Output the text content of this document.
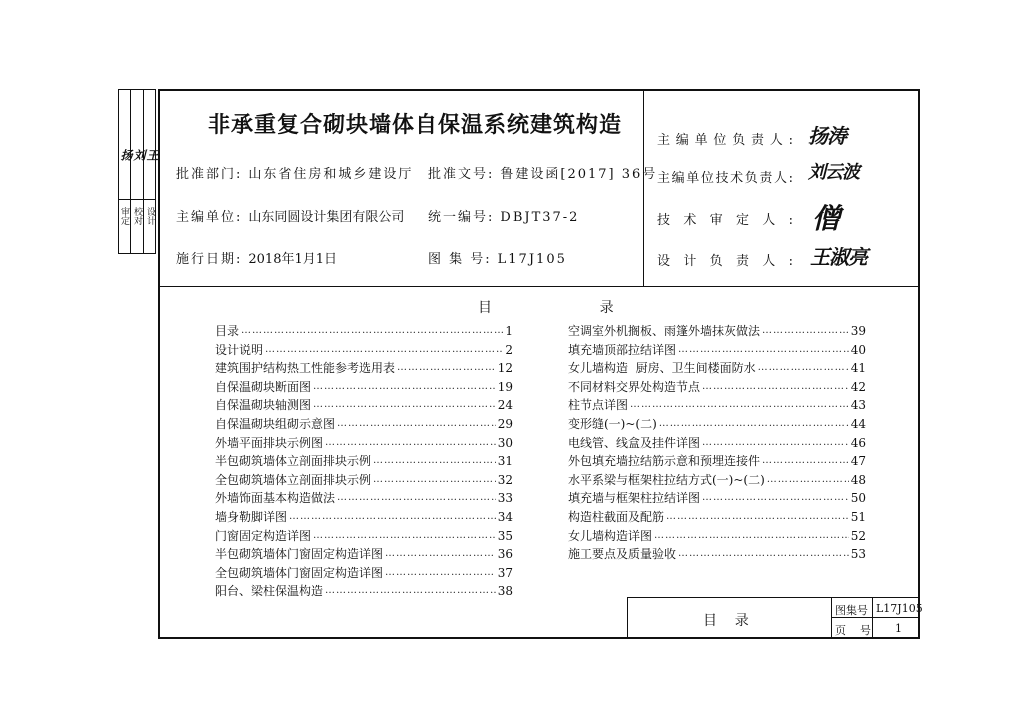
扬 刘 王
审定 校对 设计
非承重复合砌块墙体自保温系统建筑构造
批准部门: 山东省住房和城乡建设厅 批准文号: 鲁建设函[2017] 36号
主编单位: 山东同圆设计集团有限公司 统一编号: DBJT37-2
施行日期: 2018年1月1日	图 集 号: L17J105
主编单位负责人: 扬涛
主编单位技术负责人: 刘云波
技术审定人: 僧
设计负责人: 王淑亮
目        录
目录 ……………………………………………………………………………………………………………………………………………	1
设计说明 ……………………………………………………………………………………………………………………………………………	2
建筑围护结构热工性能参考选用表 ……………………………………………………………………………………………………………………………………………	12
自保温砌块断面图 ……………………………………………………………………………………………………………………………………………	19
自保温砌块轴测图 ……………………………………………………………………………………………………………………………………………	24
自保温砌块组砌示意图 ……………………………………………………………………………………………………………………………………………	29
外墙平面排块示例图 ……………………………………………………………………………………………………………………………………………	30
半包砌筑墙体立剖面排块示例 ……………………………………………………………………………………………………………………………………………	31
全包砌筑墙体立剖面排块示例 ……………………………………………………………………………………………………………………………………………	32
外墙饰面基本构造做法 ……………………………………………………………………………………………………………………………………………	33
墙身勒脚详图 ……………………………………………………………………………………………………………………………………………	34
门窗固定构造详图 ……………………………………………………………………………………………………………………………………………	35
半包砌筑墙体门窗固定构造详图 ……………………………………………………………………………………………………………………………………………	36
全包砌筑墙体门窗固定构造详图 ……………………………………………………………………………………………………………………………………………	37
阳台、梁柱保温构造 ……………………………………………………………………………………………………………………………………………	38
空调室外机搁板、雨篷外墙抹灰做法 ……………………………………………………………………………………………………………………………………………	39
填充墙顶部拉结详图 ……………………………………………………………………………………………………………………………………………	40
女儿墙构造  厨房、卫生间楼面防水 ……………………………………………………………………………………………………………………………………………	41
不同材料交界处构造节点 ……………………………………………………………………………………………………………………………………………	42
柱节点详图 ……………………………………………………………………………………………………………………………………………	43
变形缝(一)~(二) ……………………………………………………………………………………………………………………………………………	44
电线管、线盒及挂件详图 ……………………………………………………………………………………………………………………………………………	46
外包填充墙拉结筋示意和预埋连接件 ……………………………………………………………………………………………………………………………………………	47
水平系梁与框架柱拉结方式(一)~(二) ……………………………………………………………………………………………………………………………………………	48
填充墙与框架柱拉结详图 ……………………………………………………………………………………………………………………………………………	50
构造柱截面及配筋 ……………………………………………………………………………………………………………………………………………	51
女儿墙构造详图 ……………………………………………………………………………………………………………………………………………	52
施工要点及质量验收 ……………………………………………………………………………………………………………………………………………	53
目    录
图集号 L17J105
页    号 1
